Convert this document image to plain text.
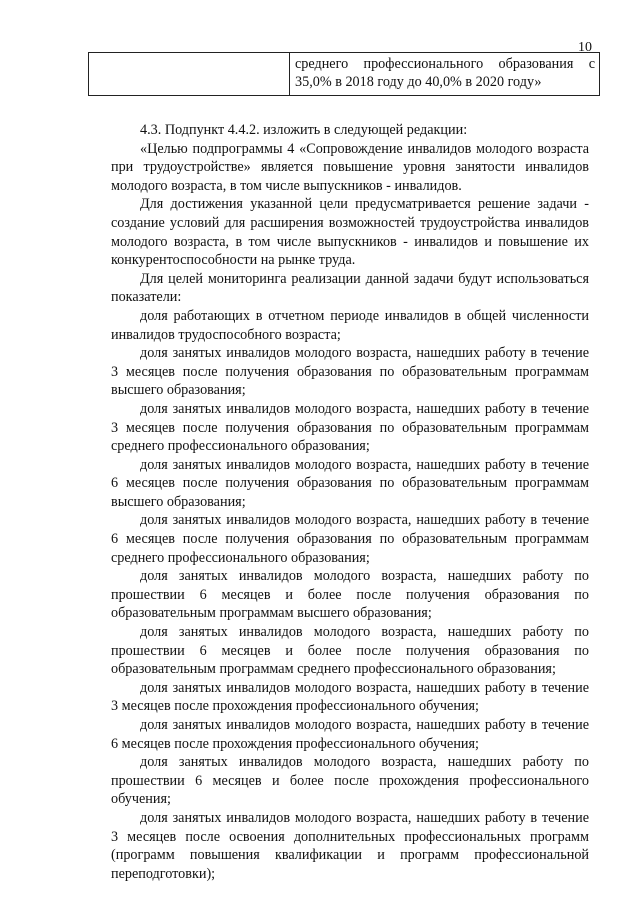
10
среднего профессионального образования с
35,0% в 2018 году до 40,0% в 2020 году»

4.3. Подпункт 4.4.2. изложить в следующей редакции:

«Целью подпрограммы 4 «Сопровождение инвалидов молодого возраста при трудоустройстве» является повышение уровня занятости инвалидов молодого возраста, в том числе выпускников - инвалидов.

Для достижения указанной цели предусматривается решение задачи - создание условий для расширения возможностей трудоустройства инвалидов молодого возраста, в том числе выпускников - инвалидов и повышение их конкурентоспособности на рынке труда.

Для целей мониторинга реализации данной задачи будут использоваться показатели:

доля работающих в отчетном периоде инвалидов в общей численности инвалидов трудоспособного возраста;

доля занятых инвалидов молодого возраста, нашедших работу в течение 3 месяцев после получения образования по образовательным программам высшего образования;

доля занятых инвалидов молодого возраста, нашедших работу в течение 3 месяцев после получения образования по образовательным программам среднего профессионального образования;

доля занятых инвалидов молодого возраста, нашедших работу в течение 6 месяцев после получения образования по образовательным программам высшего образования;

доля занятых инвалидов молодого возраста, нашедших работу в течение 6 месяцев после получения образования по образовательным программам среднего профессионального образования;

доля занятых инвалидов молодого возраста, нашедших работу по прошествии 6 месяцев и более после получения образования по образовательным программам высшего образования;

доля занятых инвалидов молодого возраста, нашедших работу по прошествии 6 месяцев и более после получения образования по образовательным программам среднего профессионального образования;

доля занятых инвалидов молодого возраста, нашедших работу в течение 3 месяцев после прохождения профессионального обучения;

доля занятых инвалидов молодого возраста, нашедших работу в течение 6 месяцев после прохождения профессионального обучения;

доля занятых инвалидов молодого возраста, нашедших работу по прошествии 6 месяцев и более после прохождения профессионального обучения;

доля занятых инвалидов молодого возраста, нашедших работу в течение 3 месяцев после освоения дополнительных профессиональных программ (программ повышения квалификации и программ профессиональной переподготовки);
